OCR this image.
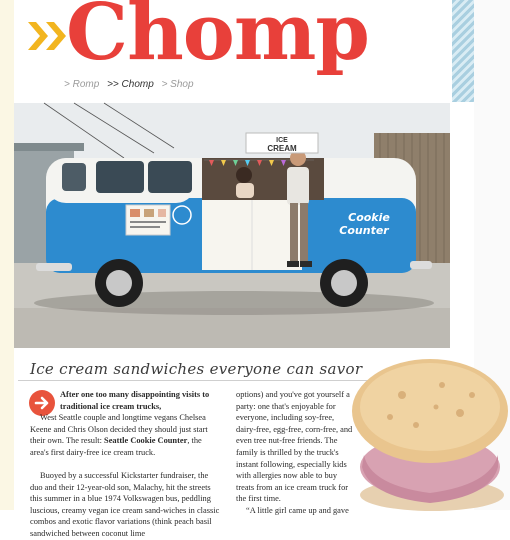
Chomp
> Romp >> Chomp > Shop
ICE
CREAM
Cookie
Counter
Ice cream sandwiches everyone can savor
After one too many disappointing visits to traditional ice cream trucks,
West Seattle couple and longtime vegans Chelsea Keene and Chris Olson decided they should just start their own. The result: Seattle Cookie Counter, the area's first dairy-free ice cream truck.
Buoyed by a successful Kickstarter fundraiser, the duo and their 12-year-old son, Malachy, hit the streets this summer in a blue 1974 Volkswagen bus, peddling luscious, creamy vegan ice cream sand-wiches in classic combos and exotic flavor variations (think peach basil sandwiched between coconut lime
options) and you've got yourself a party: one that's enjoyable for everyone, including soy-free, dairy-free, egg-free, corn-free, and even tree nut-free friends. The family is thrilled by the truck's instant following, especially kids with allergies now able to buy treats from an ice cream truck for the first time.
“A little girl came up and gave
